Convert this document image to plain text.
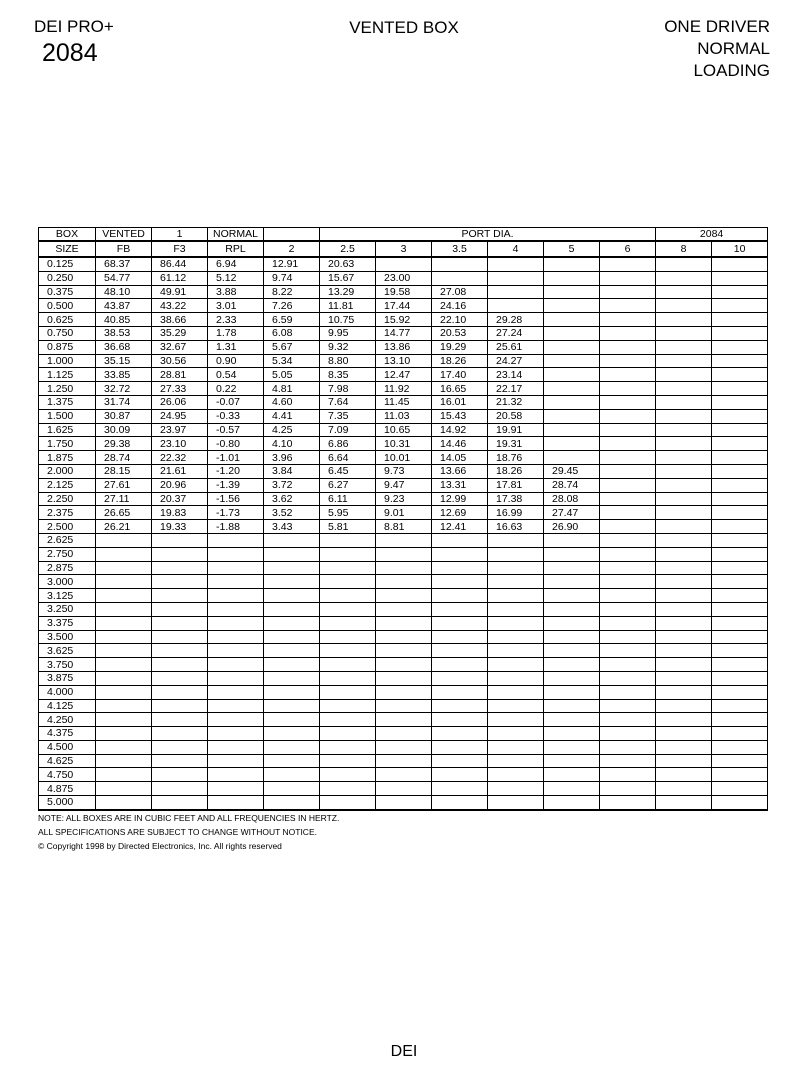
DEI PRO+
2084
VENTED BOX	ONE DRIVER
NORMAL
LOADING
BOX	VENTED	1	NORMAL		PORT DIA.						2084	
SIZE	FB	F3	RPL	2	2.5	3	3.5	4	5	6	8	10
0.125	68.37	86.44	6.94	12.91	20.63							
0.250	54.77	61.12	5.12	9.74	15.67	23.00						
0.375	48.10	49.91	3.88	8.22	13.29	19.58	27.08					
0.500	43.87	43.22	3.01	7.26	11.81	17.44	24.16					
0.625	40.85	38.66	2.33	6.59	10.75	15.92	22.10	29.28				
0.750	38.53	35.29	1.78	6.08	9.95	14.77	20.53	27.24				
0.875	36.68	32.67	1.31	5.67	9.32	13.86	19.29	25.61				
1.000	35.15	30.56	0.90	5.34	8.80	13.10	18.26	24.27				
1.125	33.85	28.81	0.54	5.05	8.35	12.47	17.40	23.14				
1.250	32.72	27.33	0.22	4.81	7.98	11.92	16.65	22.17				
1.375	31.74	26.06	-0.07	4.60	7.64	11.45	16.01	21.32				
1.500	30.87	24.95	-0.33	4.41	7.35	11.03	15.43	20.58				
1.625	30.09	23.97	-0.57	4.25	7.09	10.65	14.92	19.91				
1.750	29.38	23.10	-0.80	4.10	6.86	10.31	14.46	19.31				
1.875	28.74	22.32	-1.01	3.96	6.64	10.01	14.05	18.76				
2.000	28.15	21.61	-1.20	3.84	6.45	9.73	13.66	18.26	29.45			
2.125	27.61	20.96	-1.39	3.72	6.27	9.47	13.31	17.81	28.74			
2.250	27.11	20.37	-1.56	3.62	6.11	9.23	12.99	17.38	28.08			
2.375	26.65	19.83	-1.73	3.52	5.95	9.01	12.69	16.99	27.47			
2.500	26.21	19.33	-1.88	3.43	5.81	8.81	12.41	16.63	26.90			
2.625												
2.750												
2.875												
3.000												
3.125												
3.250												
3.375												
3.500												
3.625												
3.750												
3.875												
4.000												
4.125												
4.250												
4.375												
4.500												
4.625												
4.750												
4.875												
5.000												
NOTE: ALL BOXES ARE IN CUBIC FEET AND ALL FREQUENCIES IN HERTZ.
ALL SPECIFICATIONS ARE SUBJECT TO CHANGE WITHOUT NOTICE.
© Copyright 1998 by Directed Electronics, Inc. All rights reserved
DEI
